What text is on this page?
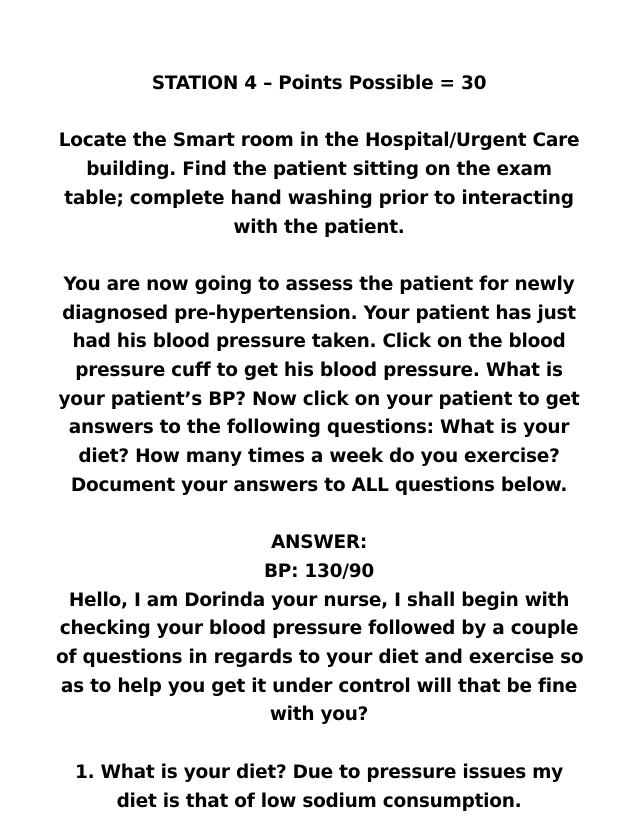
STATION 4 – Points Possible = 30

Locate the Smart room in the Hospital/Urgent Care
building. Find the patient sitting on the exam
table; complete hand washing prior to interacting
with the patient.

You are now going to assess the patient for newly
diagnosed pre-hypertension. Your patient has just
had his blood pressure taken. Click on the blood
pressure cuff to get his blood pressure. What is
your patient’s BP? Now click on your patient to get
answers to the following questions: What is your
diet? How many times a week do you exercise?
Document your answers to ALL questions below.

ANSWER:
BP: 130/90
Hello, I am Dorinda your nurse, I shall begin with
checking your blood pressure followed by a couple
of questions in regards to your diet and exercise so
as to help you get it under control will that be fine
with you?

1. What is your diet? Due to pressure issues my
diet is that of low sodium consumption.
